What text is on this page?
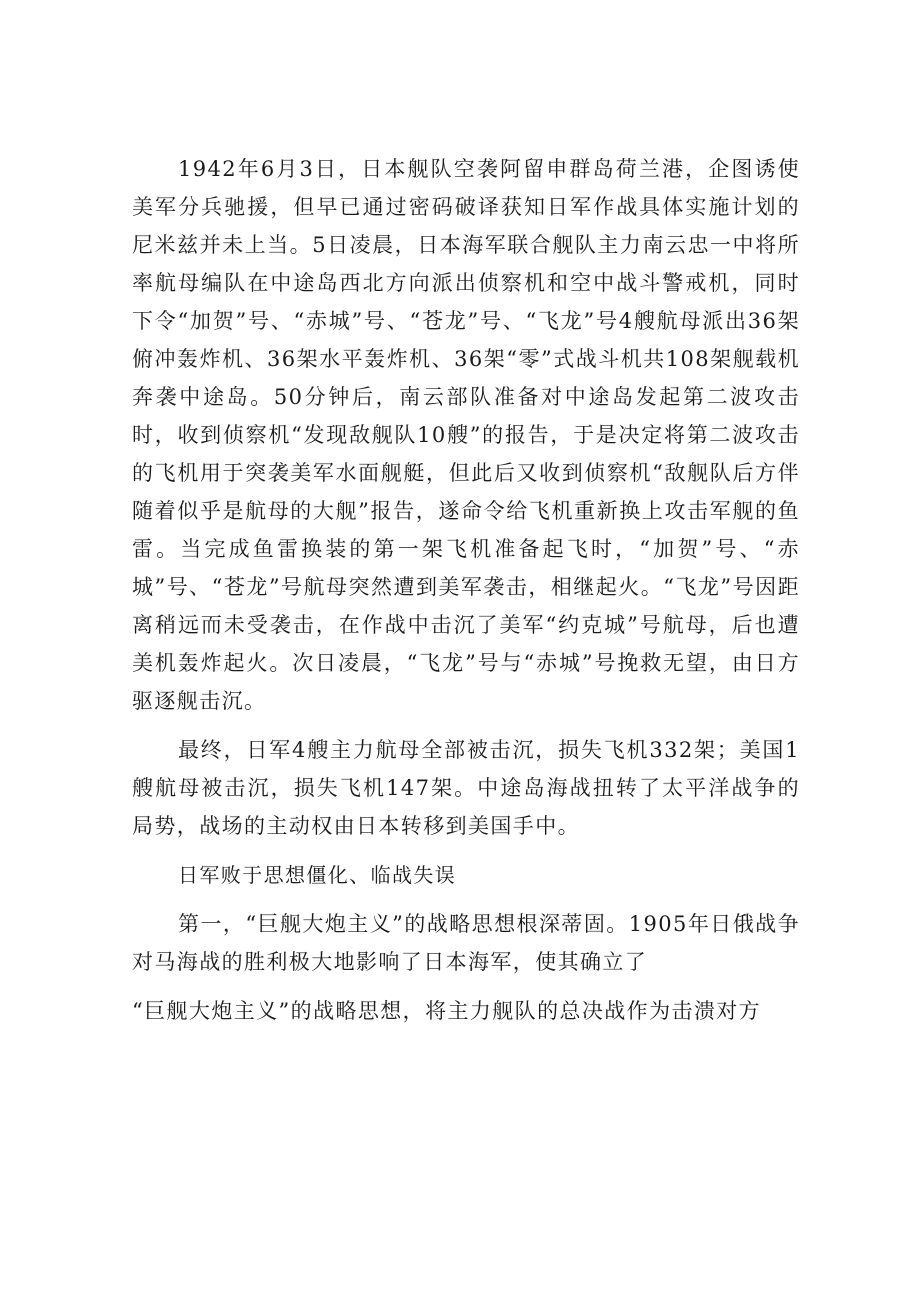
1942年6月3日，日本舰队空袭阿留申群岛荷兰港，企图诱使美军分兵驰援，但早已通过密码破译获知日军作战具体实施计划的尼米兹并未上当。5日凌晨，日本海军联合舰队主力南云忠一中将所率航母编队在中途岛西北方向派出侦察机和空中战斗警戒机，同时下令“加贺”号、“赤城”号、“苍龙”号、“飞龙”号4艘航母派出36架俯冲轰炸机、36架水平轰炸机、36架“零”式战斗机共108架舰载机奔袭中途岛。50分钟后，南云部队准备对中途岛发起第二波攻击时，收到侦察机“发现敌舰队10艘”的报告，于是决定将第二波攻击的飞机用于突袭美军水面舰艇，但此后又收到侦察机“敌舰队后方伴随着似乎是航母的大舰”报告，遂命令给飞机重新换上攻击军舰的鱼雷。当完成鱼雷换装的第一架飞机准备起飞时，“加贺”号、“赤城”号、“苍龙”号航母突然遭到美军袭击，相继起火。“飞龙”号因距离稍远而未受袭击，在作战中击沉了美军“约克城”号航母，后也遭美机轰炸起火。次日凌晨，“飞龙”号与“赤城”号挽救无望，由日方驱逐舰击沉。

最终，日军4艘主力航母全部被击沉，损失飞机332架；美国1艘航母被击沉，损失飞机147架。中途岛海战扭转了太平洋战争的局势，战场的主动权由日本转移到美国手中。

日军败于思想僵化、临战失误

第一，“巨舰大炮主义”的战略思想根深蒂固。1905年日俄战争对马海战的胜利极大地影响了日本海军，使其确立了

“巨舰大炮主义”的战略思想，将主力舰队的总决战作为击溃对方
